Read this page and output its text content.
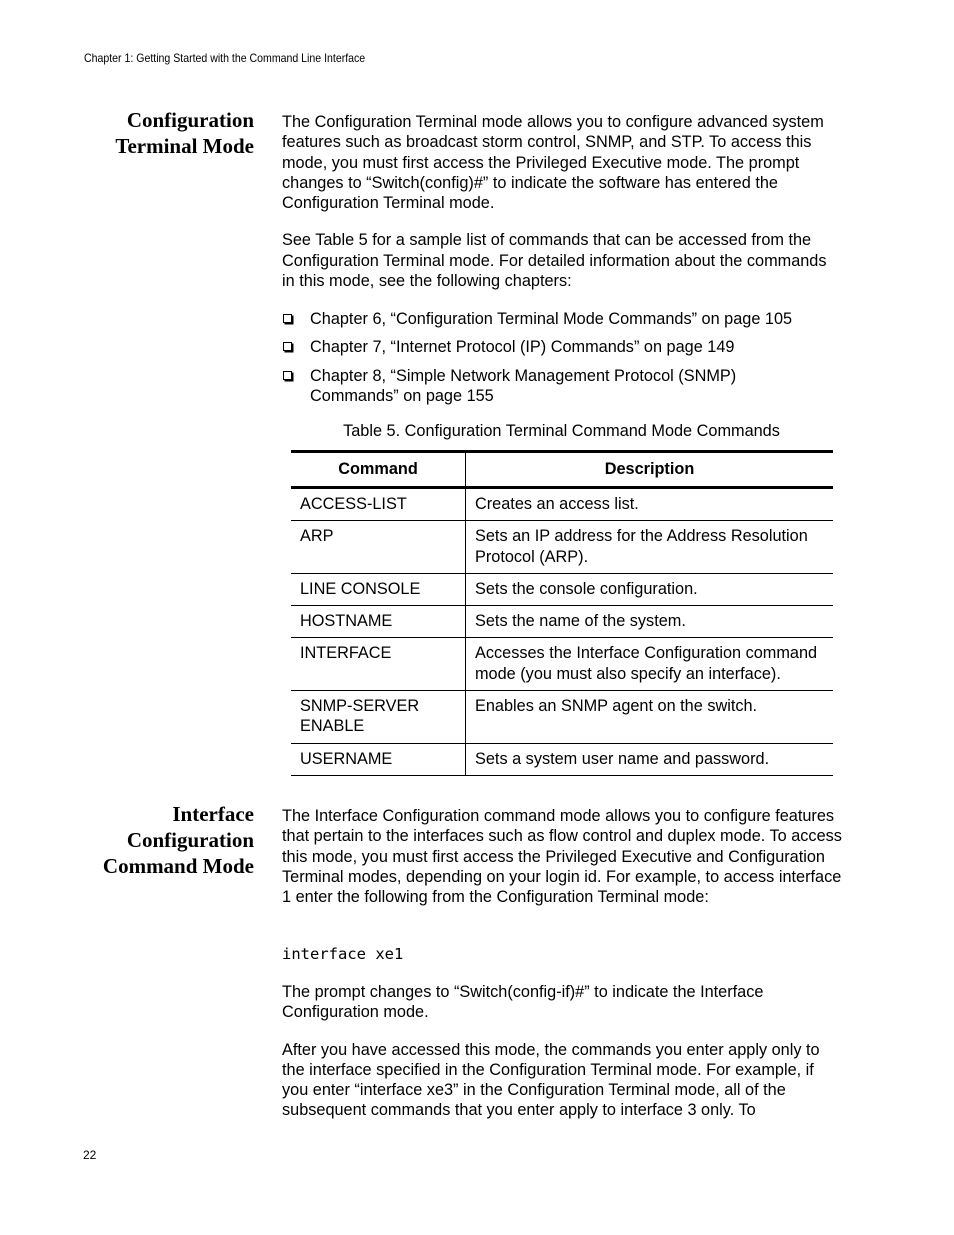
Chapter 1: Getting Started with the Command Line Interface
Configuration
Terminal Mode

The Configuration Terminal mode allows you to configure advanced system features such as broadcast storm control, SNMP, and STP. To access this mode, you must first access the Privileged Executive mode. The prompt changes to “Switch(config)#” to indicate the software has entered the Configuration Terminal mode.

See Table 5 for a sample list of commands that can be accessed from the Configuration Terminal mode. For detailed information about the commands in this mode, see the following chapters:

Chapter 6, “Configuration Terminal Mode Commands” on page 105
Chapter 7, “Internet Protocol (IP) Commands” on page 149
Chapter 8, “Simple Network Management Protocol (SNMP) Commands” on page 155
Table 5. Configuration Terminal Command Mode Commands
Command	Description
ACCESS-LIST	Creates an access list.
ARP	Sets an IP address for the Address Resolution Protocol (ARP).
LINE CONSOLE	Sets the console configuration.
HOSTNAME	Sets the name of the system.
INTERFACE	Accesses the Interface Configuration command mode (you must also specify an interface).
SNMP-SERVER ENABLE	Enables an SNMP agent on the switch.
USERNAME	Sets a system user name and password.
Interface
Configuration
Command Mode

The Interface Configuration command mode allows you to configure features that pertain to the interfaces such as flow control and duplex mode. To access this mode, you must first access the Privileged Executive and Configuration Terminal modes, depending on your login id. For example, to access interface 1 enter the following from the Configuration Terminal mode:

interface xe1

The prompt changes to “Switch(config-if)#” to indicate the Interface Configuration mode.

After you have accessed this mode, the commands you enter apply only to the interface specified in the Configuration Terminal mode. For example, if you enter “interface xe3” in the Configuration Terminal mode, all of the subsequent commands that you enter apply to interface 3 only. To

22
